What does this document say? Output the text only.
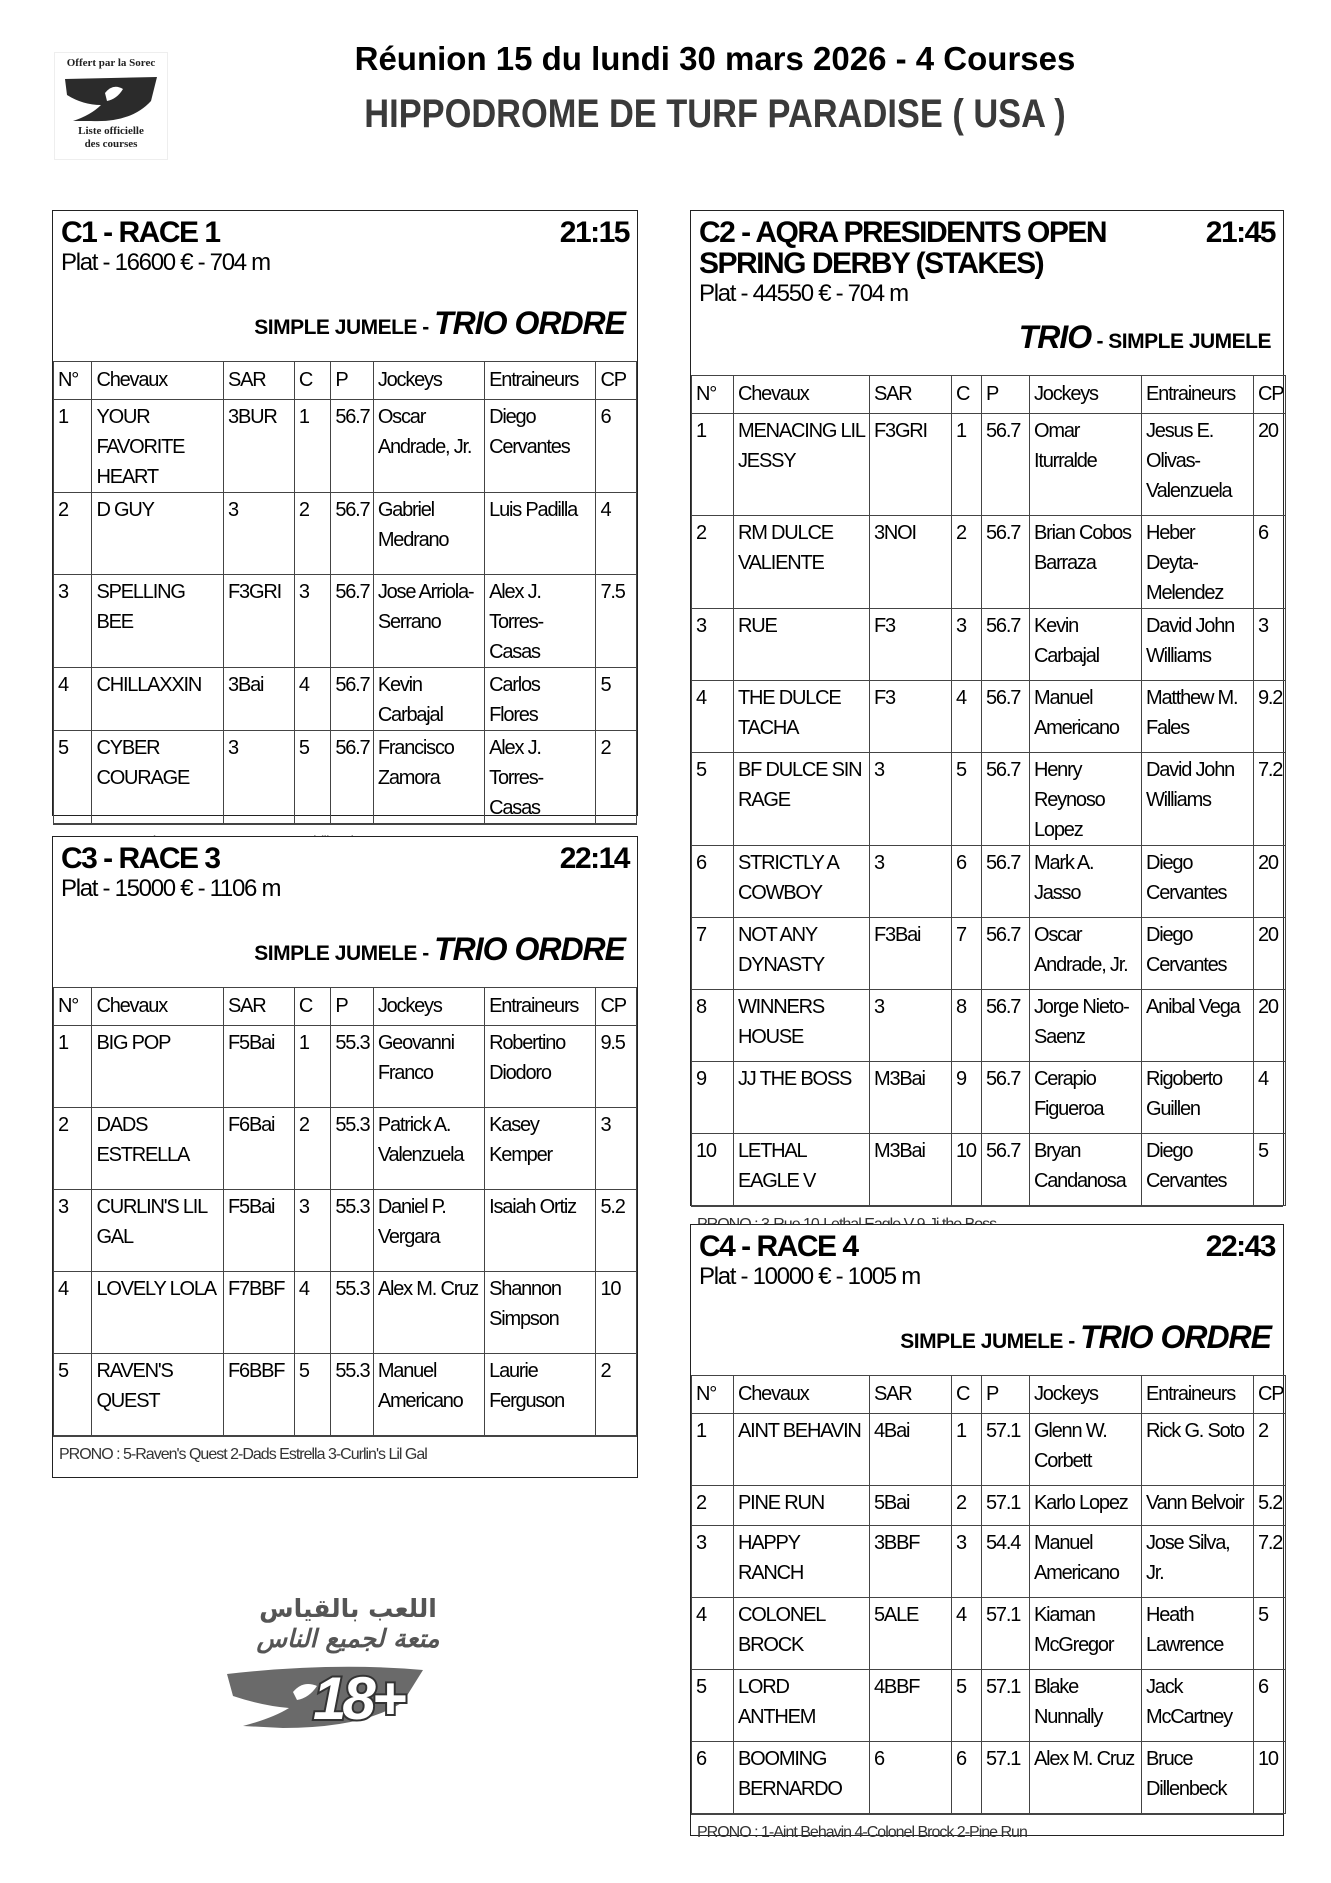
Offert par la Sorec
Liste officielle
des courses
Réunion 15 du lundi 30 mars 2026 - 4 Courses
HIPPODROME DE TURF PARADISE ( USA )
C1 - RACE 1	21:15
Plat - 16600 € - 704 m
SIMPLE JUMELE - TRIO ORDRE
N°	Chevaux	SAR	C	P	Jockeys	Entraineurs	CP
1	YOUR FAVORITE HEART	3BUR	1	56.7	Oscar Andrade, Jr.	Diego Cervantes	6
2	D GUY	3	2	56.7	Gabriel Medrano	Luis Padilla	4
3	SPELLING BEE	F3GRI	3	56.7	Jose Arriola-Serrano	Alex J. Torres-Casas	7.5
4	CHILLAXXIN	3Bai	4	56.7	Kevin Carbajal	Carlos Flores	5
5	CYBER COURAGE	3	5	56.7	Francisco Zamora	Alex J. Torres-Casas	2
C3 - RACE 3	22:14
Plat - 15000 € - 1106 m
SIMPLE JUMELE - TRIO ORDRE
N°	Chevaux	SAR	C	P	Jockeys	Entraineurs	CP
1	BIG POP	F5Bai	1	55.3	Geovanni Franco	Robertino Diodoro	9.5
2	DADS ESTRELLA	F6Bai	2	55.3	Patrick A. Valenzuela	Kasey Kemper	3
3	CURLIN'S LIL GAL	F5Bai	3	55.3	Daniel P. Vergara	Isaiah Ortiz	5.2
4	LOVELY LOLA	F7BBF	4	55.3	Alex M. Cruz	Shannon Simpson	10
5	RAVEN'S QUEST	F6BBF	5	55.3	Manuel Americano	Laurie Ferguson	2
PRONO : 5-Raven's Quest 2-Dads Estrella 3-Curlin's Lil Gal
C2 - AQRA PRESIDENTS OPEN SPRING DERBY (STAKES)
21:45
Plat - 44550 € - 704 m
TRIO - SIMPLE JUMELE
N°	Chevaux	SAR	C	P	Jockeys	Entraineurs	CP
1	MENACING LIL JESSY	F3GRI	1	56.7	Omar Iturralde	Jesus E. Olivas-Valenzuela	20
2	RM DULCE VALIENTE	3NOI	2	56.7	Brian Cobos Barraza	Heber Deyta-Melendez	6
3	RUE	F3	3	56.7	Kevin Carbajal	David John Williams	3
4	THE DULCE TACHA	F3	4	56.7	Manuel Americano	Matthew M. Fales	9.2
5	BF DULCE SIN RAGE	3	5	56.7	Henry Reynoso Lopez	David John Williams	7.2
6	STRICTLY A COWBOY	3	6	56.7	Mark A. Jasso	Diego Cervantes	20
7	NOT ANY DYNASTY	F3Bai	7	56.7	Oscar Andrade, Jr.	Diego Cervantes	20
8	WINNERS HOUSE	3	8	56.7	Jorge Nieto-Saenz	Anibal Vega	20
9	JJ THE BOSS	M3Bai	9	56.7	Cerapio Figueroa	Rigoberto Guillen	4
10	LETHAL EAGLE V	M3Bai	10	56.7	Bryan Candanosa	Diego Cervantes	5
C4 - RACE 4	22:43
Plat - 10000 € - 1005 m
SIMPLE JUMELE - TRIO ORDRE
N°	Chevaux	SAR	C	P	Jockeys	Entraineurs	CP
1	AINT BEHAVIN	4Bai	1	57.1	Glenn W. Corbett	Rick G. Soto	2
2	PINE RUN	5Bai	2	57.1	Karlo Lopez	Vann Belvoir	5.2
3	HAPPY RANCH	3BBF	3	54.4	Manuel Americano	Jose Silva, Jr.	7.2
4	COLONEL BROCK	5ALE	4	57.1	Kiaman McGregor	Heath Lawrence	5
5	LORD ANTHEM	4BBF	5	57.1	Blake Nunnally	Jack McCartney	6
6	BOOMING BERNARDO	6	6	57.1	Alex M. Cruz	Bruce Dillenbeck	10
PRONO : 1-Aint Behavin 4-Colonel Brock 2-Pine Run
اللعب بالقياس
متعة لجميع الناس
18+
